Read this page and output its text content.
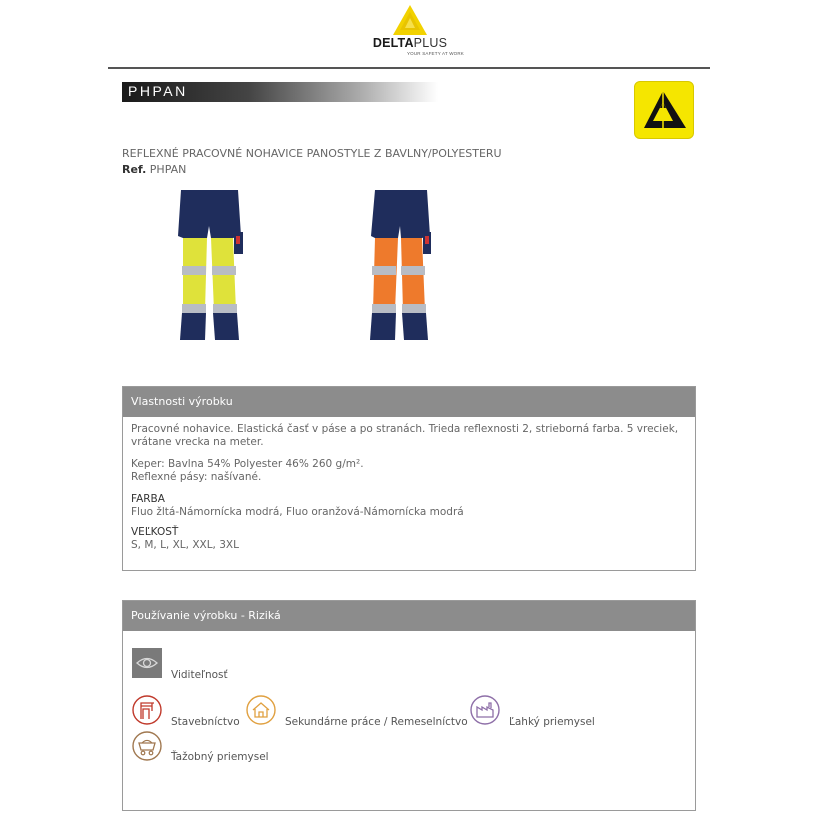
DELTAPLUS
YOUR SAFETY AT WORK
PHPAN
REFLEXNÉ PRACOVNÉ NOHAVICE PANOSTYLE Z BAVLNY/POLYESTERU
Ref. PHPAN
Vlastnosti výrobku

Pracovné nohavice. Elastická časť v páse a po stranách. Trieda reflexnosti 2, strieborná farba. 5 vreciek, vrátane vrecka na meter.

Keper: Bavlna 54% Polyester 46% 260 g/m².
Reflexné pásy: našívané.
FARBA
Fluo žltá-Námornícka modrá, Fluo oranžová-Námornícka modrá
VEĽKOSŤ
S, M, L, XL, XXL, 3XL
Používanie výrobku - Riziká
Viditeľnosť
Stavebníctvo	Sekundárne práce / Remeselníctvo	Ľahký priemysel
Ťažobný priemysel
